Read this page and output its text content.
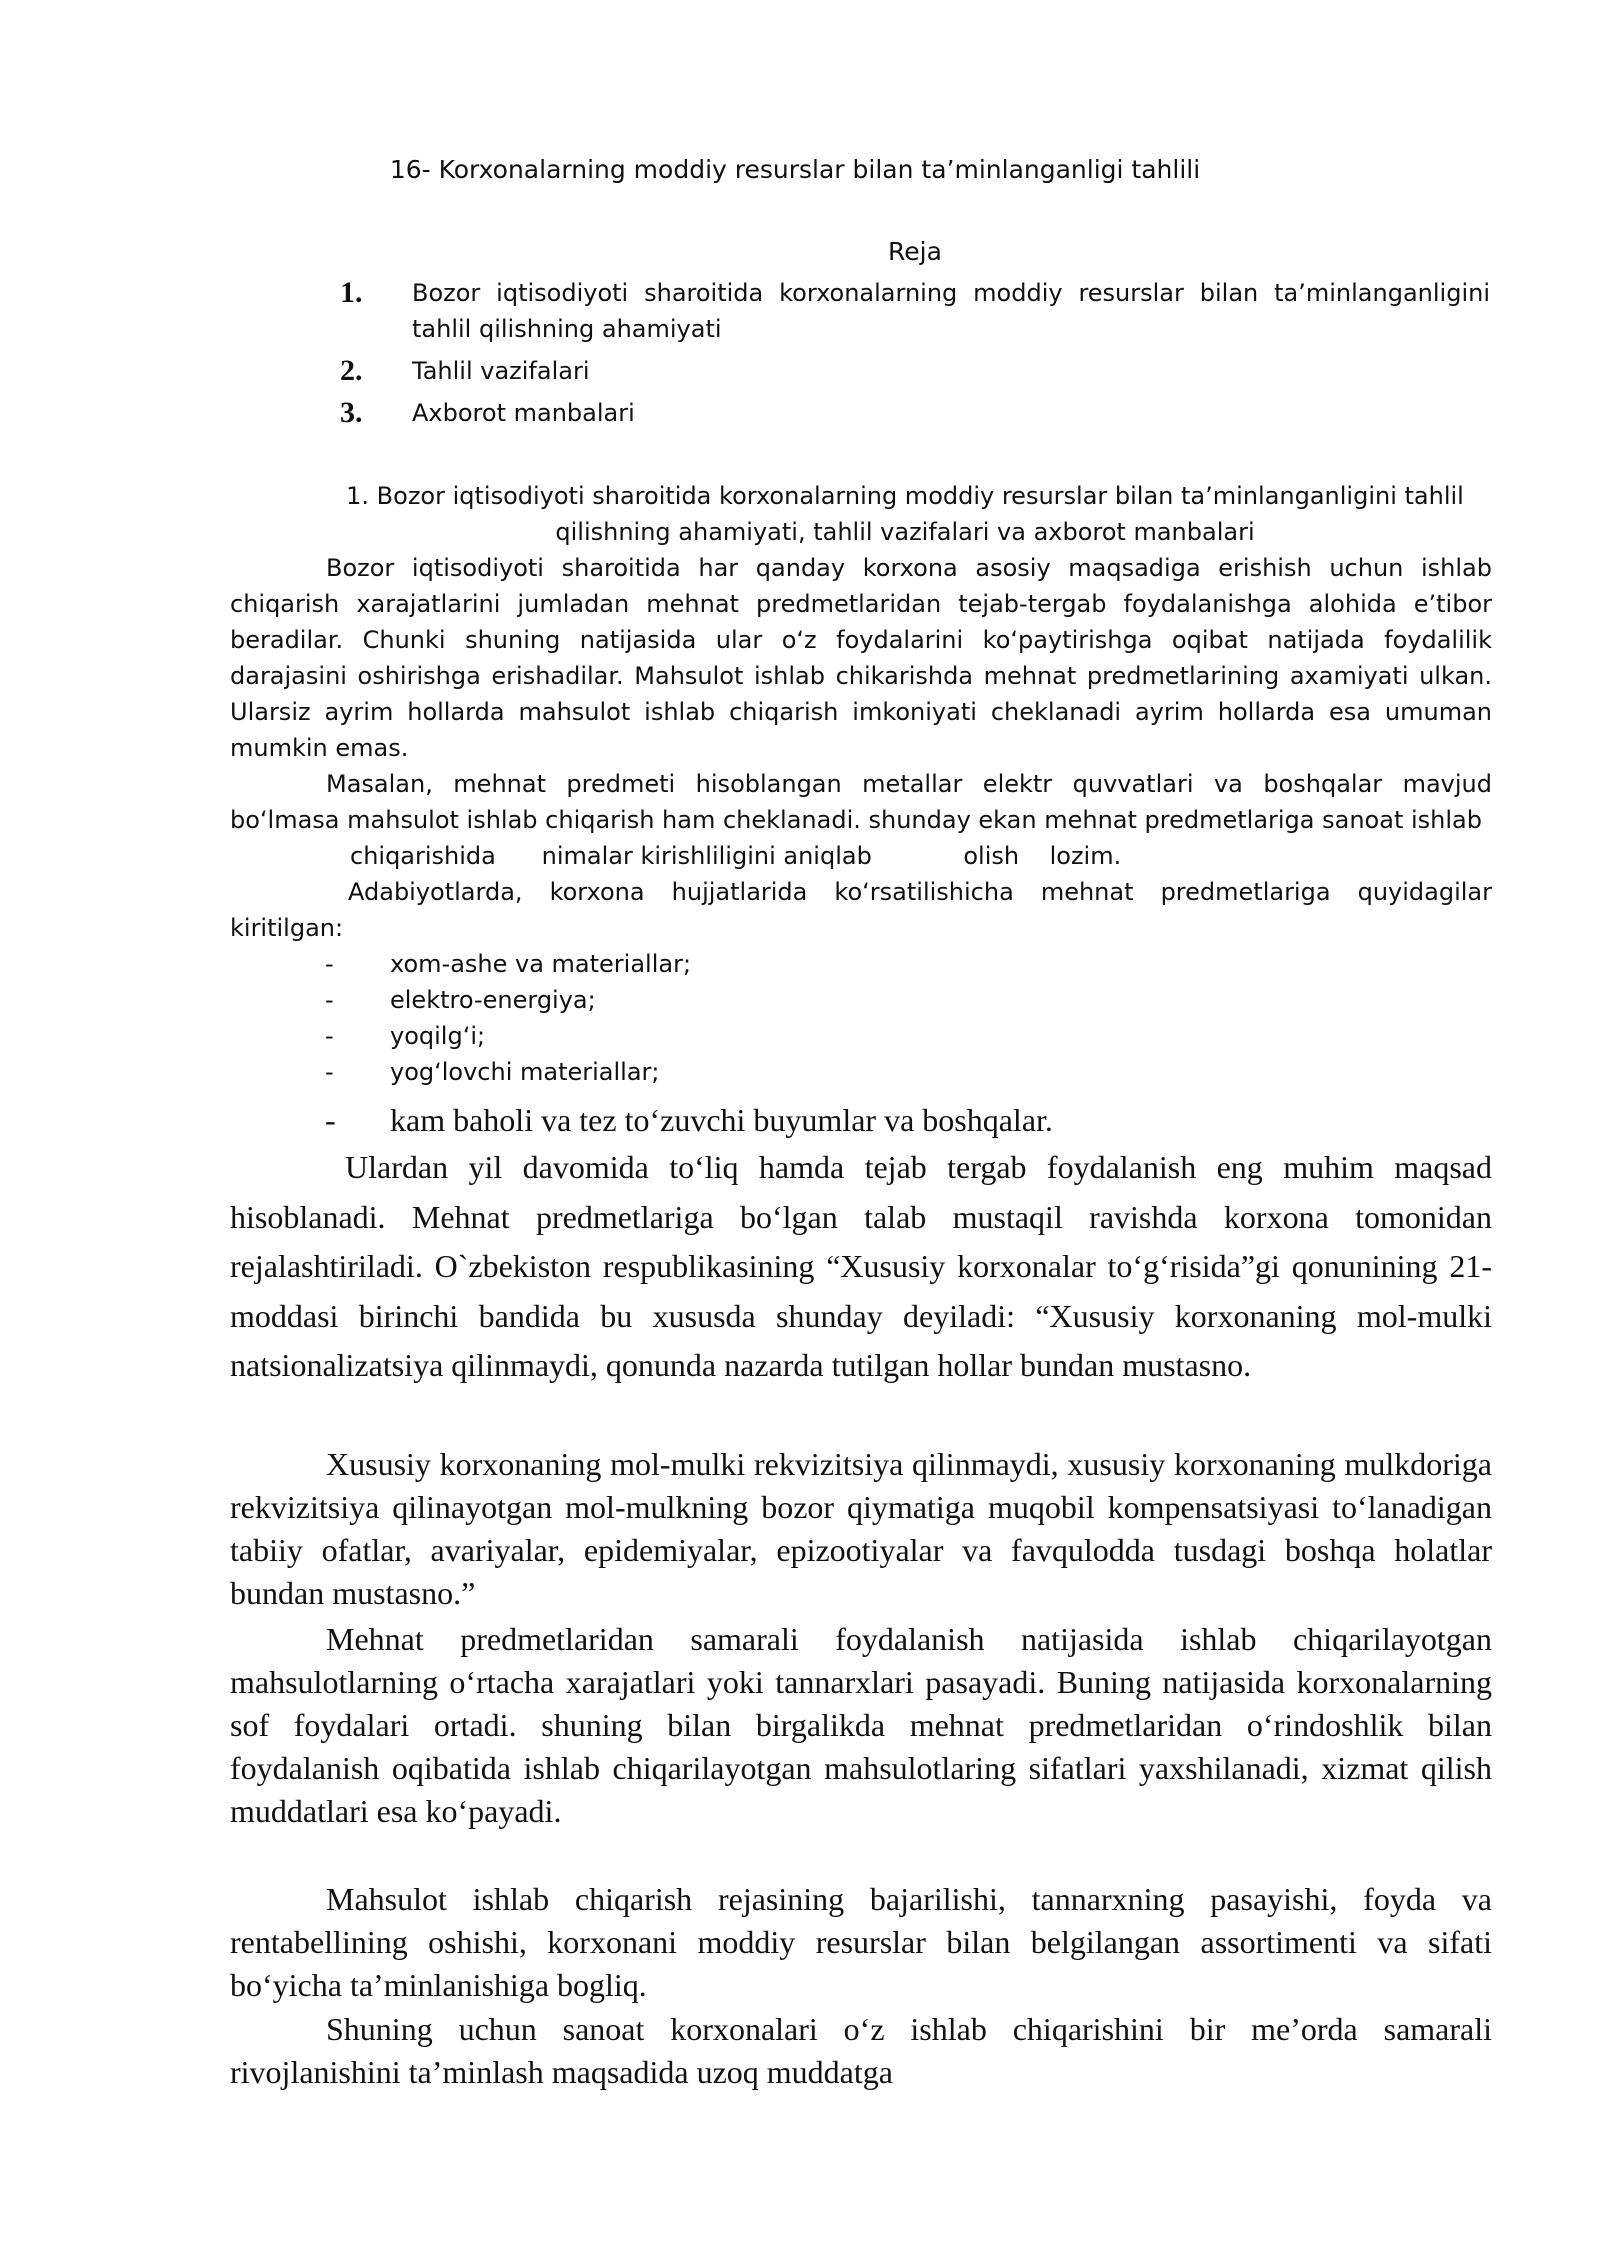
16- Korxonalarning moddiy resurslar bilan ta’minlanganligi tahlili
Reja
1.	Bozor iqtisodiyoti sharoitida korxonalarning moddiy resurslar bilan ta’minlanganligini tahlil qilishning ahamiyati
2.	Tahlil vazifalari
3.	Axborot manbalari
1. Bozor iqtisodiyoti sharoitida korxonalarning moddiy resurslar bilan ta’minlanganligini tahlil qilishning ahamiyati, tahlil vazifalari va axborot manbalari

Bozor iqtisodiyoti sharoitida har qanday korxona asosiy maqsadiga erishish uchun ishlab chiqarish xarajatlarini jumladan mehnat predmetlaridan tejab-tergab foydalanishga alohida e’tibor beradilar. Chunki shuning natijasida ular o‘z foydalarini ko‘paytirishga oqibat natijada foydalilik darajasini oshirishga erishadilar. Mahsulot ishlab chikarishda mehnat predmetlarining axamiyati ulkan. Ularsiz ayrim hollarda mahsulot ishlab chiqarish imkoniyati cheklanadi ayrim hollarda esa umuman mumkin emas.

Masalan, mehnat predmeti hisoblangan metallar elektr quvvatlari va boshqalar mavjud bo‘lmasa mahsulot ishlab chiqarish ham cheklanadi. shunday ekan mehnat predmetlariga sanoat ishlab

chiqarishida      nimalar kirishliligini aniqlab            olish    lozim.

Adabiyotlarda, korxona hujjatlarida ko‘rsatilishicha mehnat predmetlariga quyidagilar kiritilgan:

-	xom-ashe va materiallar;
-	elektro-energiya;
-	yoqilg‘i;
-	yog‘lovchi materiallar;
-	kam baholi va tez to‘zuvchi buyumlar va boshqalar.

Ulardan yil davomida to‘liq hamda tejab tergab foydalanish eng muhim maqsad hisoblanadi. Mehnat predmetlariga bo‘lgan talab mustaqil ravishda korxona tomonidan rejalashtiriladi. O`zbekiston respublikasining “Xususiy korxonalar to‘g‘risida”gi qonunining 21- moddasi birinchi bandida bu xususda shunday deyiladi: “Xususiy korxonaning mol-mulki natsionalizatsiya qilinmaydi, qonunda nazarda tutilgan hollar bundan mustasno.

Xususiy korxonaning mol-mulki rekvizitsiya qilinmaydi, xususiy korxonaning mulkdoriga rekvizitsiya qilinayotgan mol-mulkning bozor qiymatiga muqobil kompensatsiyasi to‘lanadigan tabiiy ofatlar, avariyalar, epidemiyalar, epizootiyalar va favqulodda tusdagi boshqa holatlar bundan mustasno.”

Mehnat predmetlaridan samarali foydalanish natijasida ishlab chiqarilayotgan mahsulotlarning o‘rtacha xarajatlari yoki tannarxlari pasayadi. Buning natijasida korxonalarning sof foydalari ortadi. shuning bilan birgalikda mehnat predmetlaridan o‘rindoshlik bilan foydalanish oqibatida ishlab chiqarilayotgan mahsulotlaring sifatlari yaxshilanadi, xizmat qilish muddatlari esa ko‘payadi.

Mahsulot ishlab chiqarish rejasining bajarilishi, tannarxning pasayishi, foyda va rentabellining oshishi, korxonani moddiy resurslar bilan belgilangan assortimenti va sifati bo‘yicha ta’minlanishiga bogliq.

Shuning uchun sanoat korxonalari o‘z ishlab chiqarishini bir me’orda samarali rivojlanishini ta’minlash maqsadida uzoq muddatga
